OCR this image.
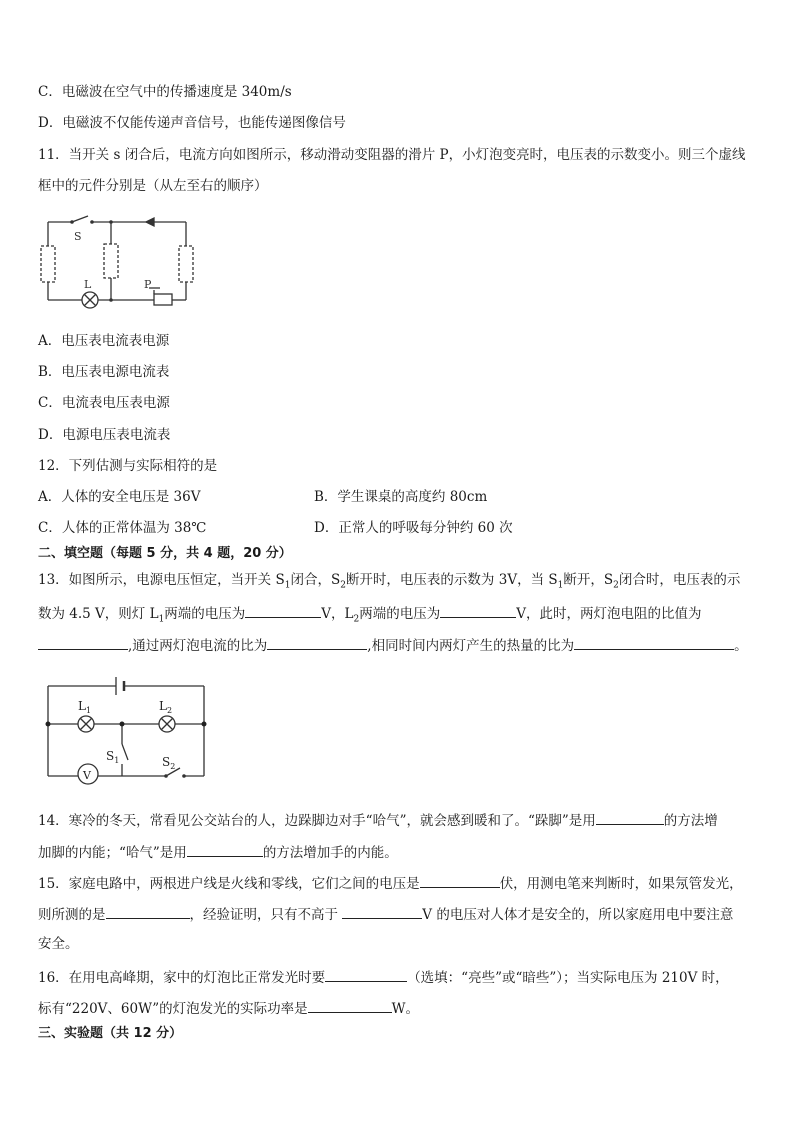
C．电磁波在空气中的传播速度是 340m/s
D．电磁波不仅能传递声音信号，也能传递图像信号
11．当开关 s 闭合后，电流方向如图所示，移动滑动变阻器的滑片 P，小灯泡变亮时，电压表的示数变小。则三个虚线
框中的元件分别是（从左至右的顺序）
S
L	P
A．电压表电流表电源
B．电压表电源电流表
C．电流表电压表电源
D．电源电压表电流表
12．下列估测与实际相符的是
A．人体的安全电压是 36V	B．学生课桌的高度约 80cm
C．人体的正常体温为 38℃	D．正常人的呼吸每分钟约 60 次
二、填空题（每题 5 分，共 4 题，20 分）
13．如图所示，电源电压恒定，当开关 $S_1$闭合，$S_2$断开时，电压表的示数为 3V，当 $S_1$断开，$S_2$闭合时，电压表的示
数为 4.5 V，则灯 $L_1$两端的电压为	V，$L_2$两端的电压为	V，此时，两灯泡电阻的比值为
,通过两灯泡电流的比为	,相同时间内两灯产生的热量的比为	。
$L_1$	$L_2$
$S_1$	$S_2$
V
14．寒冷的冬天，常看见公交站台的人，边跺脚边对手“哈气”，就会感到暖和了。“跺脚”是用	的方法增
加脚的内能；“哈气”是用	的方法增加手的内能。
15．家庭电路中，两根进户线是火线和零线，它们之间的电压是	伏，用测电笔来判断时，如果氖管发光，
则所测的是	，经验证明，只有不高于	V 的电压对人体才是安全的，所以家庭用电中要注意
安全。
16．在用电高峰期，家中的灯泡比正常发光时要	（选填：“亮些”或“暗些”）；当实际电压为 210V 时，
标有“220V、60W”的灯泡发光的实际功率是	W。
三、实验题（共 12 分）
